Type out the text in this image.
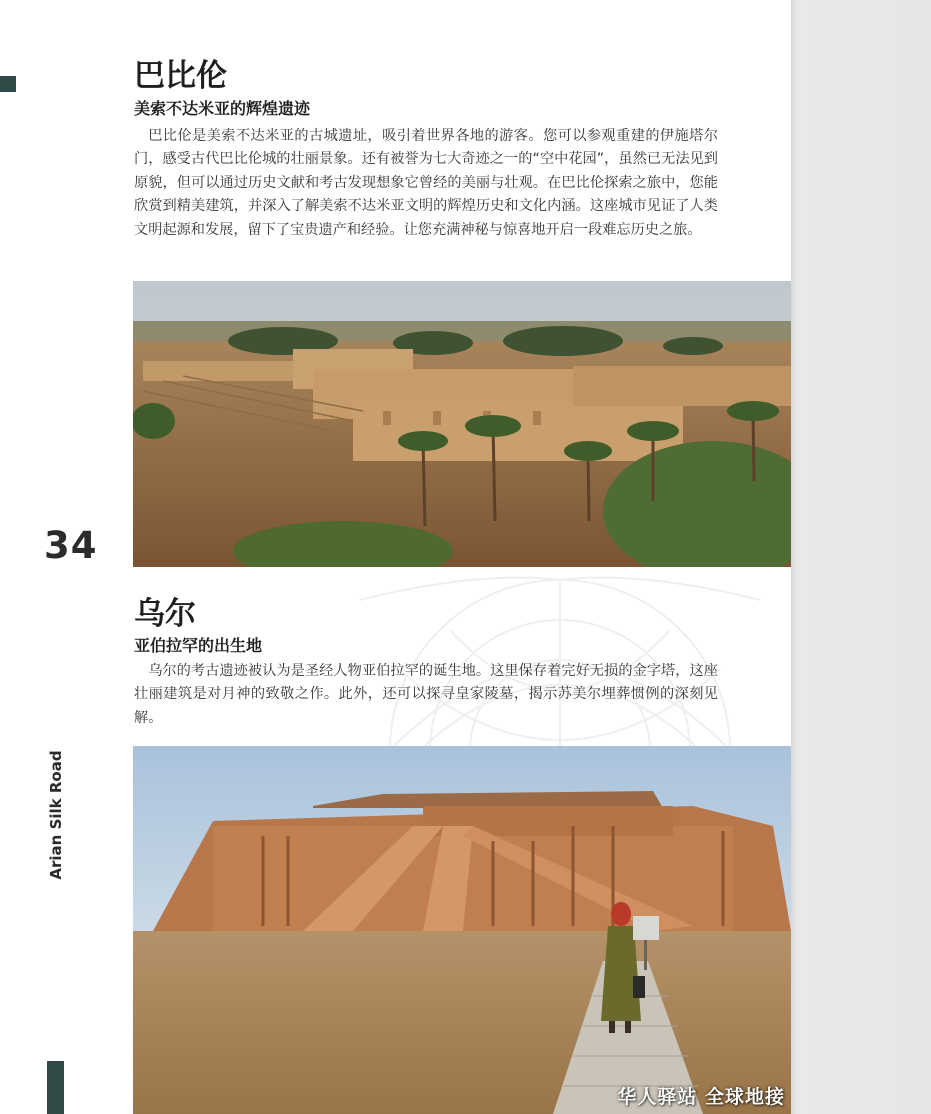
34
Arian Silk Road
巴比伦
美索不达米亚的辉煌遗迹

巴比伦是美索不达米亚的古城遗址，吸引着世界各地的游客。您可以参观重建的伊施塔尔门，感受古代巴比伦城的壮丽景象。还有被誉为七大奇迹之一的“空中花园”，虽然已无法见到原貌，但可以通过历史文献和考古发现想象它曾经的美丽与壮观。在巴比伦探索之旅中，您能欣赏到精美建筑，并深入了解美索不达米亚文明的辉煌历史和文化内涵。这座城市见证了人类文明起源和发展，留下了宝贵遗产和经验。让您充满神秘与惊喜地开启一段难忘历史之旅。

乌尔
亚伯拉罕的出生地

乌尔的考古遗迹被认为是圣经人物亚伯拉罕的诞生地。这里保存着完好无损的金字塔，这座壮丽建筑是对月神的致敬之作。此外，还可以探寻皇家陵墓，揭示苏美尔埋葬惯例的深刻见解。

华人驿站 全球地接
